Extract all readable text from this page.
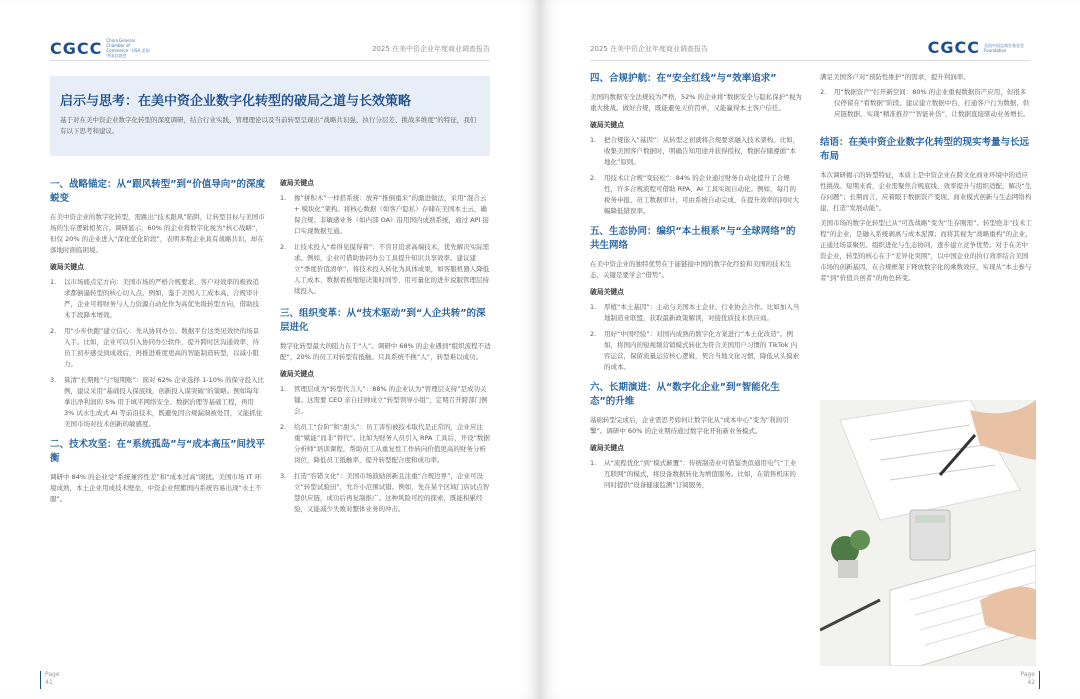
CGCC China General Chamber of Commerce - USA 美国中国总商会
2025 在美中资企业年度商业调查报告
启示与思考：在美中资企业数字化转型的破局之道与长效策略

基于对在美中资企业数字化转型的深度调研，结合行业实践、管理理论以及当前转型呈现出“战略共识强、执行分层差、挑战多维度”的特征，我们有以下思考和建议。

一、战略锚定：从“跟风转型”到“价值导向”的深度蜕变
在美中资企业的数字化转型，需跳出“技术跟风”陷阱，让转型目标与美国市场的生存逻辑相契合。调研显示，60% 的企业将数字化视为“核心战略”，但仅 20% 的企业进入“深化优化阶段”，表明多数企业具有战略共识，却在落地时面临困境。
破局关键点
1. 以市场痛点定方向：美国市场的严格合规要求、客户对效率的极致追求都倒逼转型的核心切入点。例如，鉴于美国人工成本高、合规审计严，企业可将财务与人力资源自动化作为高优先级转型方向，借助技术手段降本增效。
2. 用“小步快跑”建立信心：先从协同办公、数据平台这类见效快的场景入手。比如，企业可以引入协同办公软件，提升跨时区沟通效率，待员工初步感受到成效后，再推进难度更高的智能制造转型，以减小阻力。
3. 算清“长期账”与“短期账”：面对 62% 企业选择 1-10% 的保守投入比例，建议采用“基础投入保底线，创新投入谋突破”的策略。例如每年拿出净利润的 5% 用于填平网络安全、数据治理等基础工程，再用 3% 试水生成式 AI 等前沿技术，既避免因合规漏洞被处罚，又能抓住美国市场对技术创新的敏感度。
二、技术攻坚：在“系统孤岛”与“成本高压”间找平衡
调研中 84% 的企业受“系统兼容性差”和“成本过高”困扰。美国市场 IT 环境成熟，本土企业用成技术壁垒，中资企业照搬国内系统容易出现“水土不服”。
破局关键点
1. 像“拼积木”一样搭系统：放弃“推倒重来”的激进做法，采用“混合云 + 模块化”架构。将核心数据（如客户隐私）存储在美国本土云，确保合规；非敏感业务（如内部 OA）沿用国内成熟系统，通过 API 接口实现数据互通。
2. 让技术投入“看得见摸得着”：不盲目追求高端技术，优先解决实际需求。例如，企业可借助协同办公工具提升知识共享效率。建议建立“季度价值清单”，将技术投入转化为具体成果，如客服机器人降低人工成本、数据看板缩短决策时间等，用可量化的进步说服管理层持续投入。
三、组织变革：从“技术驱动”到“人企共转”的深层进化
数字化转型最大的阻力在于“人”。调研中 68% 的企业遇到“组织流程不适配”，20% 的员工对转型有抵触。只具系统不换“人”，转型难以成功。
破局关键点
1. 管理层成为“转型代言人”：88% 的企业认为“管理层支持”是成功关键。这需要 CEO 亲自挂帅成立“转型领导小组”，定期召开跨部门例会。
2. 给员工“台阶”和“甜头”：员工害怕被技术取代是正常的，企业应注重“赋能”而非“替代”。比如为财务人员引入 RPA 工具后，开设“数据分析师”培训课程，帮助员工从重复性工作转向价值更高的财务分析岗位，降低员工抵触率，提升转型配合度和成功率。
3. 打造“容错文化”：美国市场鼓励创新且注重“合规边界”，企业可设立“转型试验田”，允许小范围试错。例如，先在某个区域门店试点智慧供应链，成功后再复制推广。这种风险可控的探索，既能积累经验，又能减少失败对整体业务的冲击。
Page
41
2025 在美中资企业年度商业调查报告	CGCC 美国中国总商会基金会 Foundation
四、合规护航：在“安全红线”与“效率追求”
美国的数据安全法规较为严格，52% 的企业将“数据安全与隐私保护”视为重大挑战。做好合规，既能避免天价罚单，又能赢得本土客户信任。
破局关键点
1. 把合规嵌入“基因”：从转型之初就将合规要求融入技术架构。比如，收集美国客户数据时，明确告知用途并获得授权，数据存储遵循“本地化”原则。
2. 用技术让合规“变轻松”：84% 的企业通过财务自动化提升了合规性，许多合规流程可借助 RPA、AI 工具实现自动化。例如，每月的税务申报、员工数据审计，可由系统自动完成，在提升效率的同时大幅降低错误率。
五、生态协同：编织“本土根系”与“全球网络”的共生网络
在美中资企业的独特优势在于能链接中国的数字化经验和美国的技术生态，关键是要学会“借势”。
破局关键点
1. 厚植“本土基因”：主动与美国本土企业、行业协会合作。比如加入当地制造业联盟，获取最新政策解读，对接优质技术供应商。
2. 用好“中国经验”：对国内成熟的数字化方案进行“本土化改造”。例如，将国内的短视频营销模式转化为符合美国用户习惯的 TikTok 内容运营，保留流量运营核心逻辑，契合当地文化习惯，降低从头摸索的成本。
六、长期演进：从“数字化企业”到“智能化生态”的升维
基础转型完成后，企业需思考如何让数字化从“成本中心”变为“利润引擎”。调研中 60% 的企业期待通过数字化开拓新业务模式。
破局关键点
1. 从“流程优化”到“模式颠覆”：传统制造业可借鉴类似通用电气“工业互联网”的模式，将设备数据转化为增值服务。比如，在销售机床的同时提供“设备健康监测”订阅服务，
满足美国客户对“预防性维护”的需求，提升利润率。
2. 用“数据资产”打开新空间：80% 的企业重视数据资产应用，但很多仅停留在“看数据”阶段。建议建立数据中台，打通客户行为数据、供应链数据，实现“精准推荐”“智能补货”，让数据直接驱动业务增长。
结语：在美中资企业数字化转型的现实考量与长远布局
本次调研揭示的转型特征，本质上是中资企业在跨文化商业环境中的适应性挑战。短期来看，企业需聚焦合规底线、效率提升与组织适配，解决“生存问题”；长期而言，应着眼于数据资产变现、商业模式创新与生态网络构建，打造“发展动能”。
美国市场的数字化转型已从“可选战略”变为“生存刚需”。转型绝非“技术工程”的企业，是融入系统剥离与成本泥潭；而将其视为“战略重构”的企业，正通过场景聚焦、组织进化与生态协同，逐步建立竞争优势。对于在美中资企业，转型的核心在于“差异化突围”，以中国企业的执行效率结合美国市场的创新基因，在合规框架下释放数字化的乘数效应，实现从“本土参与者”到“价值共创者”的角色转变。
Page
42
